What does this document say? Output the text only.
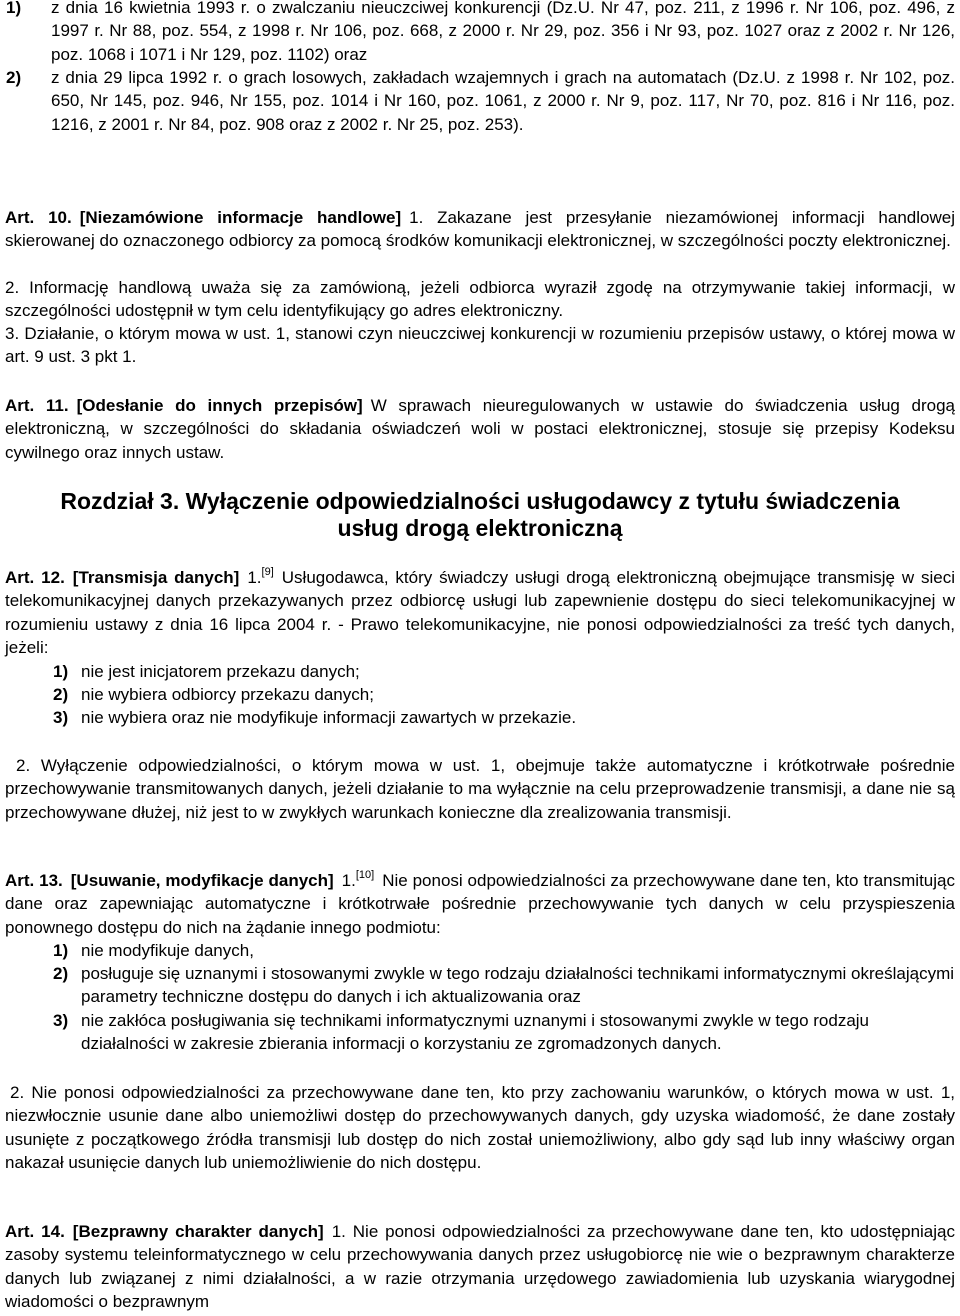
1) z dnia 16 kwietnia 1993 r. o zwalczaniu nieuczciwej konkurencji (Dz.U. Nr 47, poz. 211, z 1996 r. Nr 106, poz. 496, z 1997 r. Nr 88, poz. 554, z 1998 r. Nr 106, poz. 668, z 2000 r. Nr 29, poz. 356 i Nr 93, poz. 1027 oraz z 2002 r. Nr 126, poz. 1068 i 1071 i Nr 129, poz. 1102) oraz
2) z dnia 29 lipca 1992 r. o grach losowych, zakładach wzajemnych i grach na automatach (Dz.U. z 1998 r. Nr 102, poz. 650, Nr 145, poz. 946, Nr 155, poz. 1014 i Nr 160, poz. 1061, z 2000 r. Nr 9, poz. 117, Nr 70, poz. 816 i Nr 116, poz. 1216, z 2001 r. Nr 84, poz. 908 oraz z 2002 r. Nr 25, poz. 253).
Art. 10. [Niezamówione informacje handlowe] 1. Zakazane jest przesyłanie niezamówionej informacji handlowej skierowanej do oznaczonego odbiorcy za pomocą środków komunikacji elektronicznej, w szczególności poczty elektronicznej.
2. Informację handlową uważa się za zamówioną, jeżeli odbiorca wyraził zgodę na otrzymywanie takiej informacji, w szczególności udostępnił w tym celu identyfikujący go adres elektroniczny.
3. Działanie, o którym mowa w ust. 1, stanowi czyn nieuczciwej konkurencji w rozumieniu przepisów ustawy, o której mowa w art. 9 ust. 3 pkt 1.
Art. 11. [Odesłanie do innych przepisów] W sprawach nieuregulowanych w ustawie do świadczenia usług drogą elektroniczną, w szczególności do składania oświadczeń woli w postaci elektronicznej, stosuje się przepisy Kodeksu cywilnego oraz innych ustaw.
Rozdział 3. Wyłączenie odpowiedzialności usługodawcy z tytułu świadczenia
usług drogą elektroniczną
Art. 12. [Transmisja danych] 1.[9] Usługodawca, który świadczy usługi drogą elektroniczną obejmujące transmisję w sieci telekomunikacyjnej danych przekazywanych przez odbiorcę usługi lub zapewnienie dostępu do sieci telekomunikacyjnej w rozumieniu ustawy z dnia 16 lipca 2004 r. - Prawo telekomunikacyjne, nie ponosi odpowiedzialności za treść tych danych, jeżeli:
1) nie jest inicjatorem przekazu danych;
2) nie wybiera odbiorcy przekazu danych;
3) nie wybiera oraz nie modyfikuje informacji zawartych w przekazie.
2. Wyłączenie odpowiedzialności, o którym mowa w ust. 1, obejmuje także automatyczne i krótkotrwałe pośrednie przechowywanie transmitowanych danych, jeżeli działanie to ma wyłącznie na celu przeprowadzenie transmisji, a dane nie są przechowywane dłużej, niż jest to w zwykłych warunkach konieczne dla zrealizowania transmisji.
Art. 13. [Usuwanie, modyfikacje danych] 1.[10] Nie ponosi odpowiedzialności za przechowywane dane ten, kto transmitując dane oraz zapewniając automatyczne i krótkotrwałe pośrednie przechowywanie tych danych w celu przyspieszenia ponownego dostępu do nich na żądanie innego podmiotu:
1) nie modyfikuje danych,
2) posługuje się uznanymi i stosowanymi zwykle w tego rodzaju działalności technikami informatycznymi określającymi parametry techniczne dostępu do danych i ich aktualizowania oraz
3) nie zakłóca posługiwania się technikami informatycznymi uznanymi i stosowanymi zwykle w tego rodzaju działalności w zakresie zbierania informacji o korzystaniu ze zgromadzonych danych.
2. Nie ponosi odpowiedzialności za przechowywane dane ten, kto przy zachowaniu warunków, o których mowa w ust. 1, niezwłocznie usunie dane albo uniemożliwi dostęp do przechowywanych danych, gdy uzyska wiadomość, że dane zostały usunięte z początkowego źródła transmisji lub dostęp do nich został uniemożliwiony, albo gdy sąd lub inny właściwy organ nakazał usunięcie danych lub uniemożliwienie do nich dostępu.
Art. 14. [Bezprawny charakter danych] 1. Nie ponosi odpowiedzialności za przechowywane dane ten, kto udostępniając zasoby systemu teleinformatycznego w celu przechowywania danych przez usługobiorcę nie wie o bezprawnym charakterze danych lub związanej z nimi działalności, a w razie otrzymania urzędowego zawiadomienia lub uzyskania wiarygodnej wiadomości o bezprawnym
